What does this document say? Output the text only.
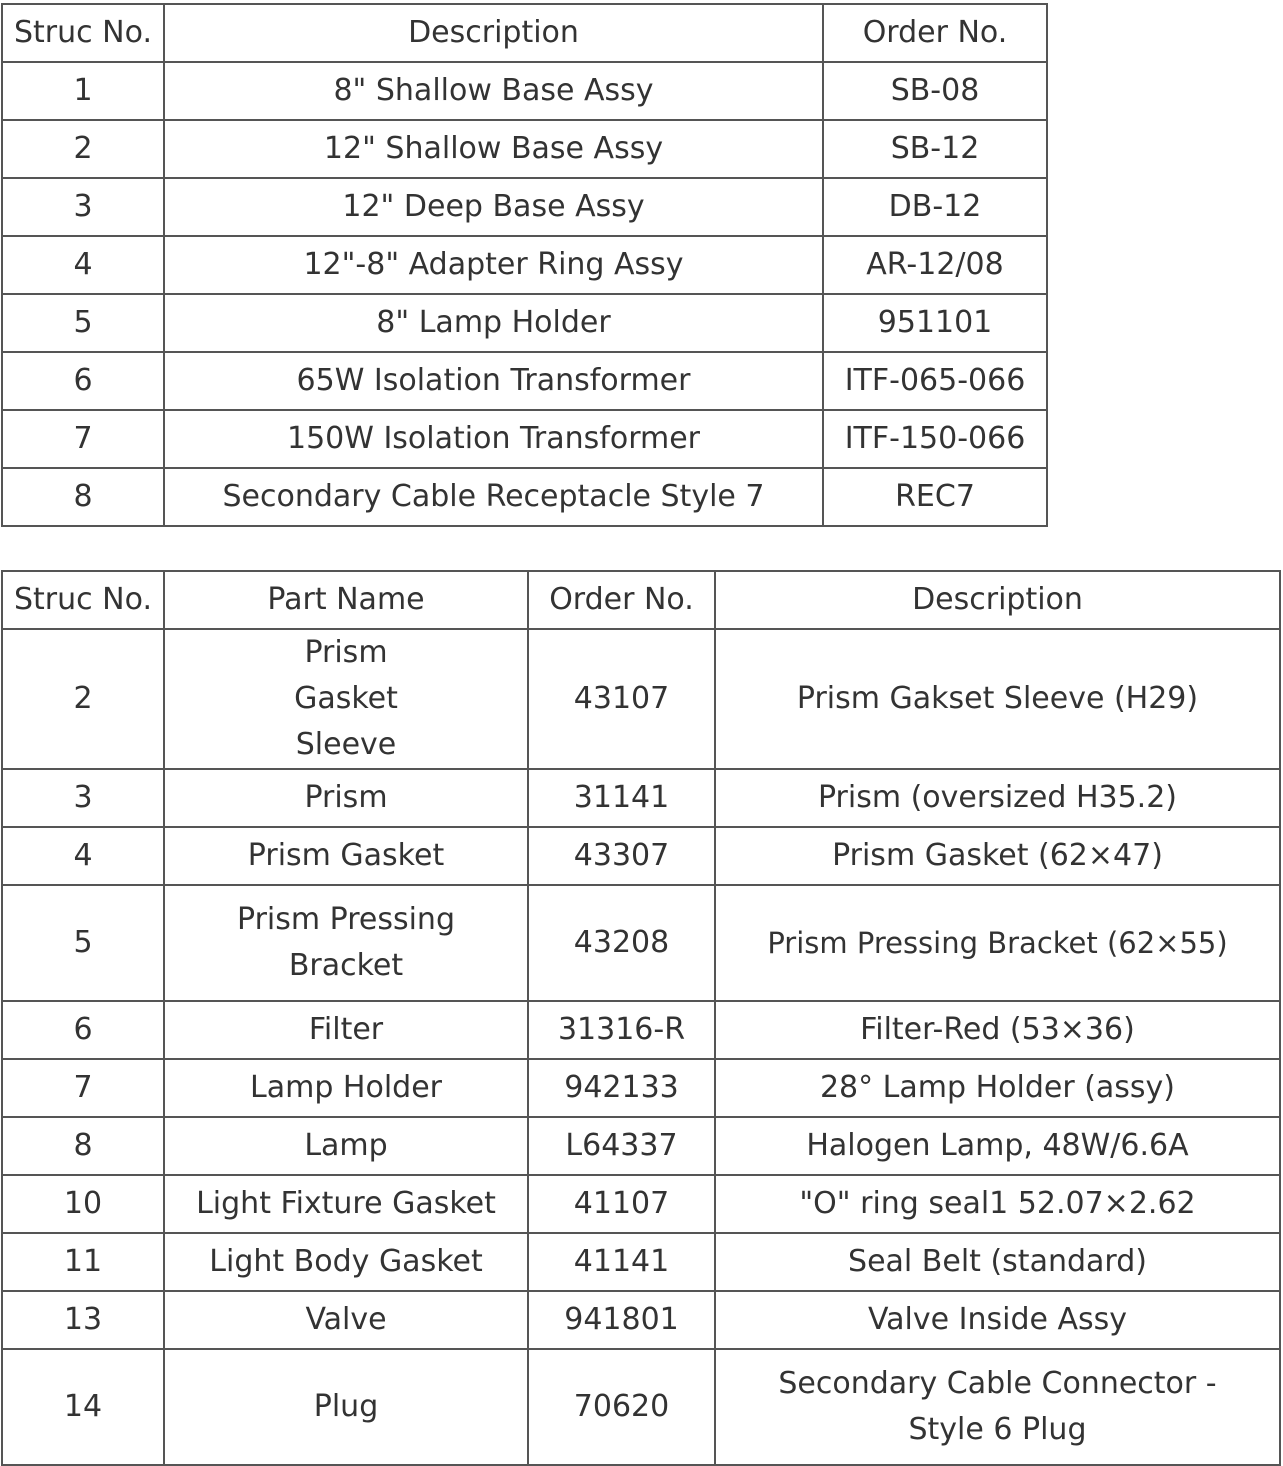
Struc No.	Description	Order No.
1	8" Shallow Base Assy	SB-08
2	12" Shallow Base Assy	SB-12
3	12" Deep Base Assy	DB-12
4	12"-8" Adapter Ring Assy	AR-12/08
5	8" Lamp Holder	951101
6	65W Isolation Transformer	ITF-065-066
7	150W Isolation Transformer	ITF-150-066
8	Secondary Cable Receptacle Style 7	REC7
Struc No.	Part Name	Order No.	Description
2	Prism Gasket Sleeve	43107	Prism Gakset Sleeve (H29)
3	Prism	31141	Prism (oversized H35.2)
4	Prism Gasket	43307	Prism Gasket (62×47)
5	Prism Pressing Bracket	43208	Prism Pressing Bracket (62×55)
6	Filter	31316-R	Filter-Red (53×36)
7	Lamp Holder	942133	28° Lamp Holder (assy)
8	Lamp	L64337	Halogen Lamp, 48W/6.6A
10	Light Fixture Gasket	41107	"O" ring seal1 52.07×2.62
11	Light Body Gasket	41141	Seal Belt (standard)
13	Valve	941801	Valve Inside Assy
14	Plug	70620	Secondary Cable Connector - Style 6 Plug
